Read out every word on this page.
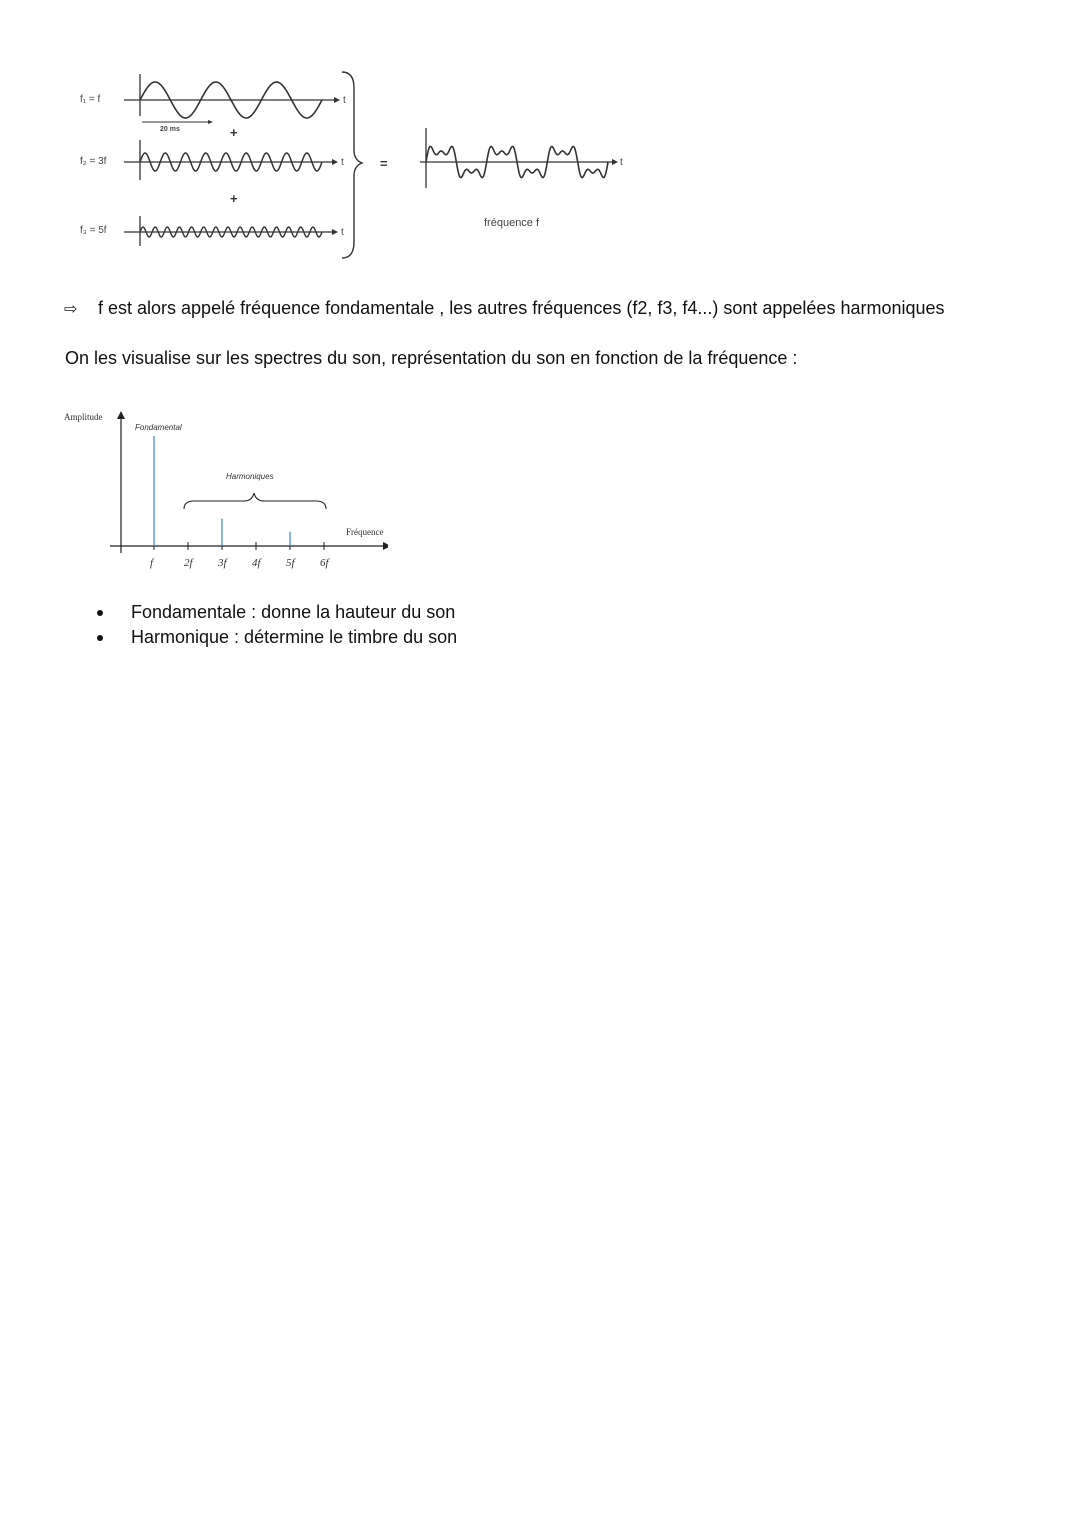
f₁ = f
f₂ = 3f
f₃ = 5f
t
20 ms	+
t
+
t
=	t
fréquence f
⇨ f est alors appelé fréquence fondamentale , les autres fréquences (f2, f3, f4...) sont appelées harmoniques
On les visualise sur les spectres du son, représentation du son en fonction de la fréquence :
Amplitude
Fréquence
Fondamental
Harmoniques
f	2f 3f 4f 5f 6f
Fondamentale : donne la hauteur du son
Harmonique : détermine le timbre du son
